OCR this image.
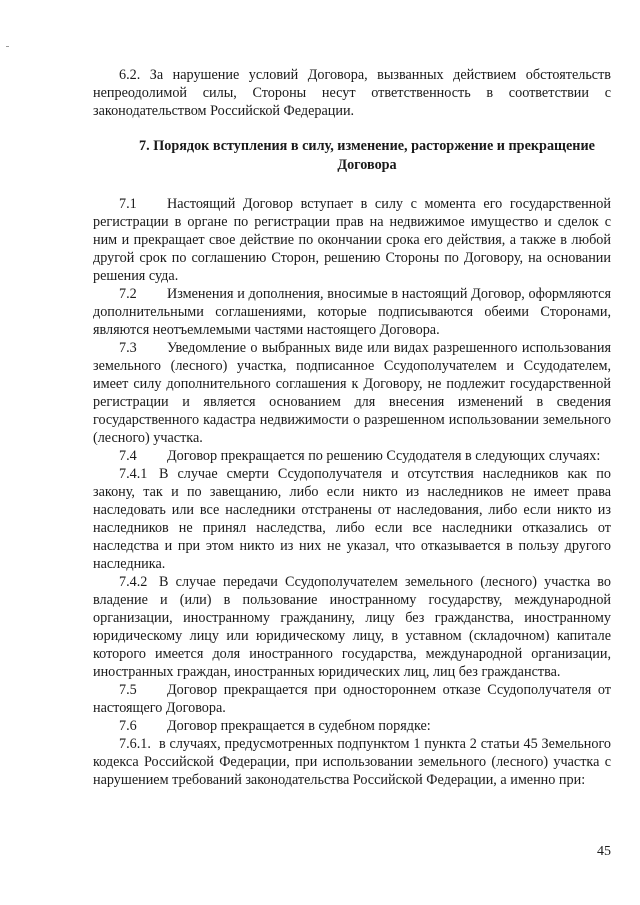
6.2. За нарушение условий Договора, вызванных действием обстоятельств непреодолимой силы, Стороны несут ответственность в соответствии с законодательством Российской Федерации.

7. Порядок вступления в силу, изменение, расторжение и прекращение Договора

7.1 Настоящий Договор вступает в силу с момента его государственной регистрации в органе по регистрации прав на недвижимое имущество и сделок с ним и прекращает свое действие по окончании срока его действия, а также в любой другой срок по соглашению Сторон, решению Стороны по Договору, на основании решения суда.

7.2 Изменения и дополнения, вносимые в настоящий Договор, оформляются дополнительными соглашениями, которые подписываются обеими Сторонами, являются неотъемлемыми частями настоящего Договора.

7.3 Уведомление о выбранных виде или видах разрешенного использования земельного (лесного) участка, подписанное Ссудополучателем и Ссудодателем, имеет силу дополнительного соглашения к Договору, не подлежит государственной регистрации и является основанием для внесения изменений в сведения государственного кадастра недвижимости о разрешенном использовании земельного (лесного) участка.

7.4 Договор прекращается по решению Ссудодателя в следующих случаях:

7.4.1 В случае смерти Ссудополучателя и отсутствия наследников как по закону, так и по завещанию, либо если никто из наследников не имеет права наследовать или все наследники отстранены от наследования, либо если никто из наследников не принял наследства, либо если все наследники отказались от наследства и при этом никто из них не указал, что отказывается в пользу другого наследника.

7.4.2 В случае передачи Ссудополучателем земельного (лесного) участка во владение и (или) в пользование иностранному государству, международной организации, иностранному гражданину, лицу без гражданства, иностранному юридическому лицу или юридическому лицу, в уставном (складочном) капитале которого имеется доля иностранного государства, международной организации, иностранных граждан, иностранных юридических лиц, лиц без гражданства.

7.5 Договор прекращается при одностороннем отказе Ссудополучателя от настоящего Договора.

7.6 Договор прекращается в судебном порядке:

7.6.1. в случаях, предусмотренных подпунктом 1 пункта 2 статьи 45 Земельного кодекса Российской Федерации, при использовании земельного (лесного) участка с нарушением требований законодательства Российской Федерации, а именно при:

45
